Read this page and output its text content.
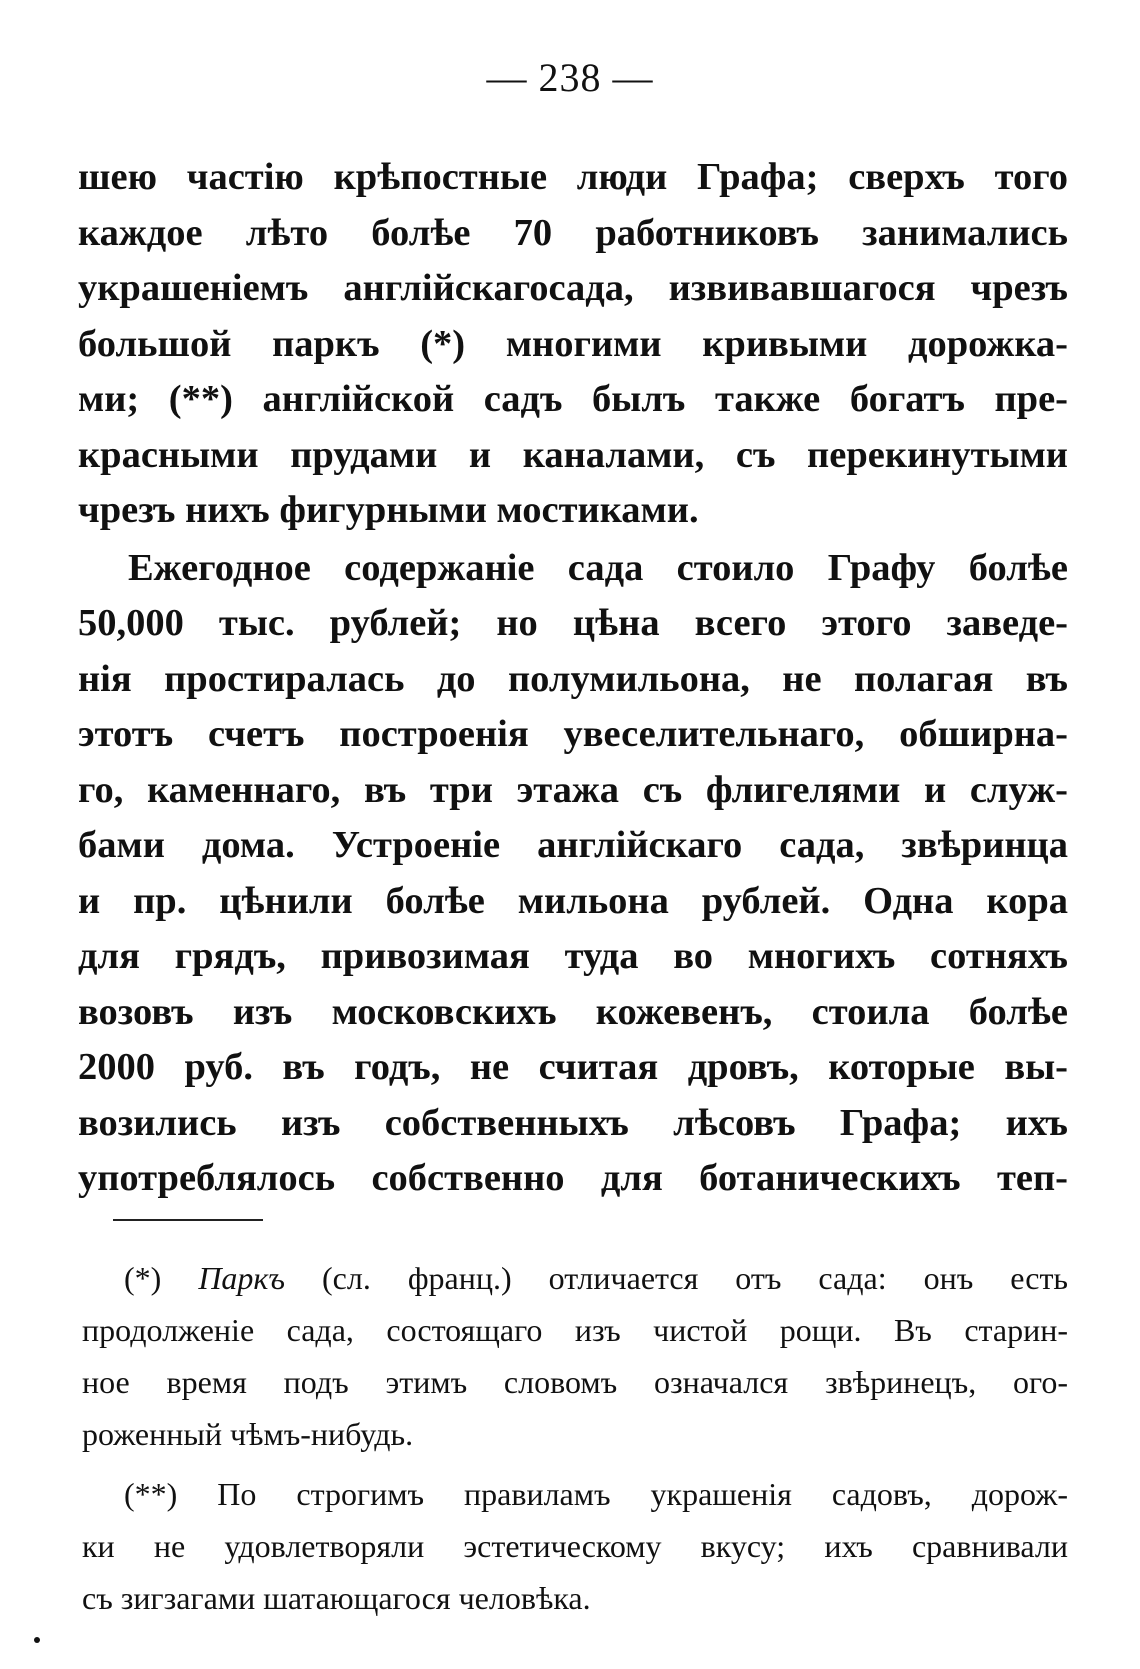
— 238 —
шею частію крѣпостные люди Графа; сверхъ того
каждое лѣто болѣе 70 работниковъ занимались
украшеніемъ англійскагосада, извивавшагося чрезъ
большой паркъ (*) многими кривыми дорожка-
ми; (**) англійской садъ былъ также богатъ пре-
красными прудами и каналами, съ перекинутыми
чрезъ нихъ фигурными мостиками.
Ежегодное содержаніе сада стоило Графу болѣе
50,000 тыс. рублей; но цѣна всего этого заведе-
нія простиралась до полумильона, не полагая въ
этотъ счетъ построенія увеселительнаго, обширна-
го, каменнаго, въ три этажа съ флигелями и служ-
бами дома. Устроеніе англійскаго сада, звѣринца
и пр. цѣнили болѣе мильона рублей. Одна кора
для грядъ, привозимая туда во многихъ сотняхъ
возовъ изъ московскихъ кожевенъ, стоила болѣе
2000 руб. въ годъ, не считая дровъ, которые вы-
возились изъ собственныхъ лѣсовъ Графа; ихъ
употреблялось собственно для ботаническихъ теп-
(*) Паркъ (сл. франц.) отличается отъ сада: онъ есть
продолженіе сада, состоящаго изъ чистой рощи. Въ старин-
ное время подъ этимъ словомъ означался звѣринецъ, ого-
роженный чѣмъ-нибудь.
(**) По строгимъ правиламъ украшенія садовъ, дорож-
ки не удовлетворяли эстетическому вкусу; ихъ сравнивали
съ зигзагами шатающагося человѣка.
